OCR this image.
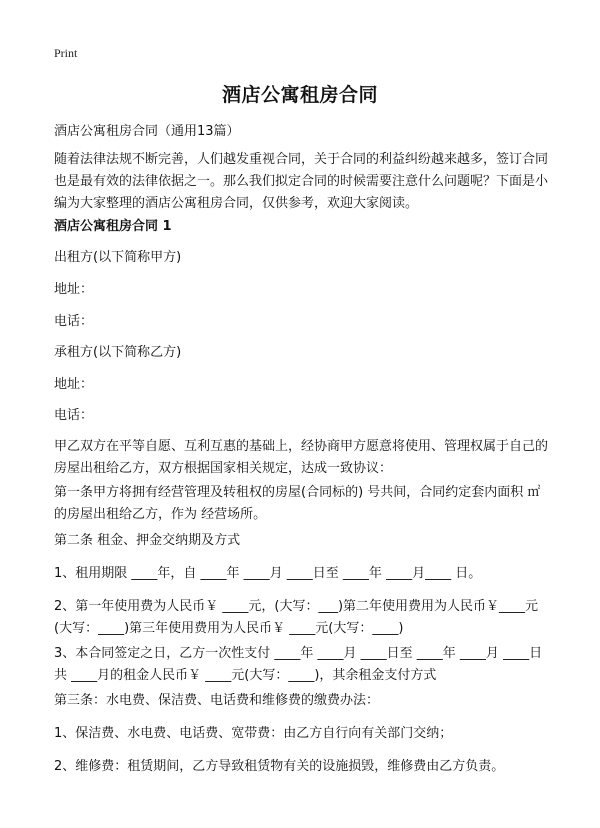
Print
酒店公寓租房合同
酒店公寓租房合同（通用13篇）
随着法律法规不断完善，人们越发重视合同，关于合同的利益纠纷越来越多，签订合同也是最有效的法律依据之一。那么我们拟定合同的时候需要注意什么问题呢？下面是小编为大家整理的酒店公寓租房合同，仅供参考，欢迎大家阅读。
酒店公寓租房合同 1
出租方(以下简称甲方)
地址：
电话：
承租方(以下简称乙方)
地址：
电话：
甲乙双方在平等自愿、互利互惠的基础上，经协商甲方愿意将使用、管理权属于自己的房屋出租给乙方，双方根据国家相关规定，达成一致协议：
第一条甲方将拥有经营管理及转租权的房屋(合同标的) 号共间，合同约定套内面积 ㎡的房屋出租给乙方，作为 经营场所。
第二条 租金、押金交纳期及方式
1、租用期限 ____年，自 ____年 ____月 ____日至 ____年 ____月____ 日。
2、第一年使用费为人民币￥ ____元，(大写：___)第二年使用费用为人民币￥____元(大写：____)第三年使用费用为人民币￥ ____元(大写：____)
3、本合同签定之日，乙方一次性支付 ____年 ____月 ____日至 ____年 ____月 ____日共 ____月的租金人民币￥ ____元(大写：____)，其余租金支付方式
第三条：水电费、保洁费、电话费和维修费的缴费办法：
1、保洁费、水电费、电话费、宽带费：由乙方自行向有关部门交纳；
2、维修费：租赁期间，乙方导致租赁物有关的设施损毁，维修费由乙方负责。
